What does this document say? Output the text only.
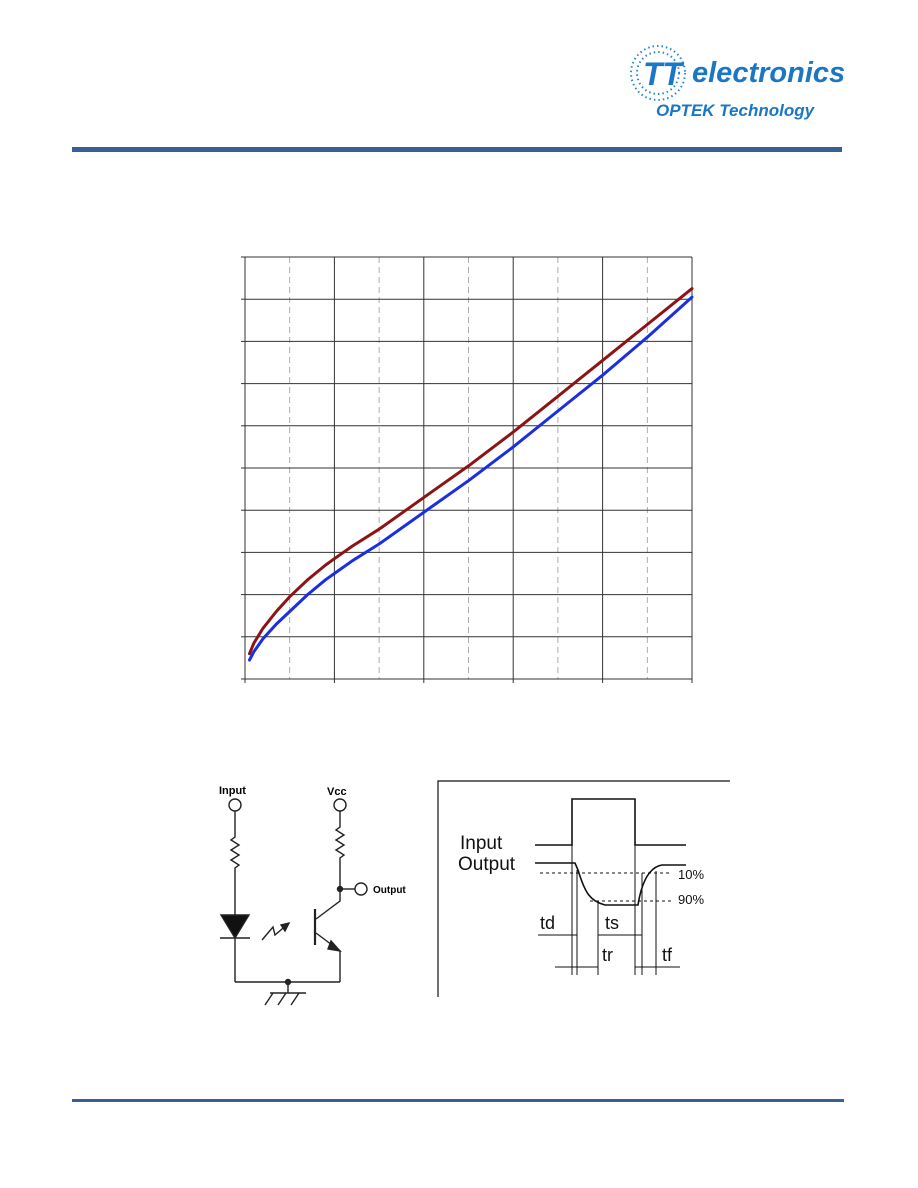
TT electronics
OPTEK Technology
Input	Vcc
Output
Input
Output	10%
90%
td	ts
tr	tf
